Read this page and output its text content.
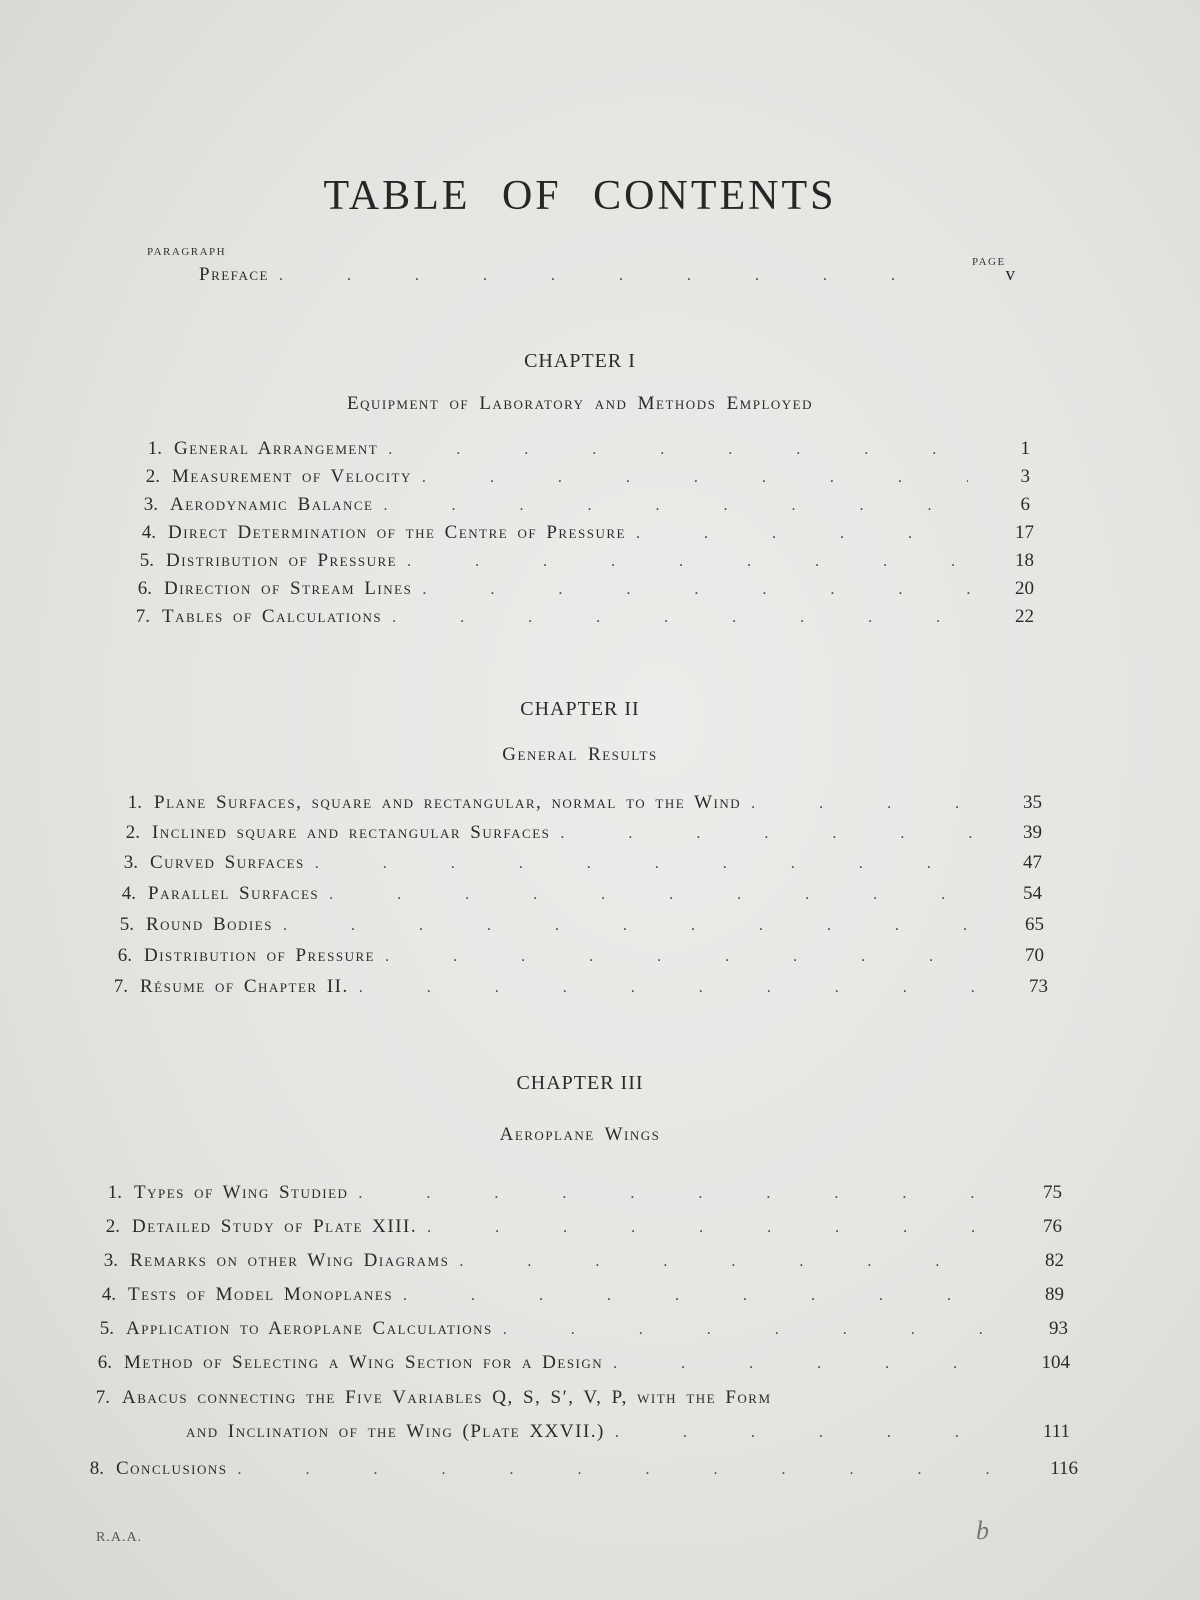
TABLE OF CONTENTS
PARAGRAPH
PAGE
Preface .	v
CHAPTER I
Equipment of Laboratory and Methods Employed
1. General Arrangement .	1
2. Measurement of Velocity .	3
3. Aerodynamic Balance .	6
4. Direct Determination of the Centre of Pressure .	17
5. Distribution of Pressure .	18
6. Direction of Stream Lines .	20
7. Tables of Calculations .	22
CHAPTER II
General Results
1. Plane Surfaces, square and rectangular, normal to the Wind .	35
2. Inclined square and rectangular Surfaces .	39
3. Curved Surfaces .	47
4. Parallel Surfaces .	54
5. Round Bodies .	65
6. Distribution of Pressure .	70
7. Résume of Chapter II. .	73
CHAPTER III
Aeroplane Wings
1. Types of Wing Studied .	75
2. Detailed Study of Plate XIII. .	76
3. Remarks on other Wing Diagrams .	82
4. Tests of Model Monoplanes .	89
5. Application to Aeroplane Calculations .	93
6. Method of Selecting a Wing Section for a Design .	104
7. Abacus connecting the Five Variables Q, S, S′, V, P, with the Form
and Inclination of the Wing (Plate XXVII.) .	111
8. Conclusions .	116
R.A.A.	b
